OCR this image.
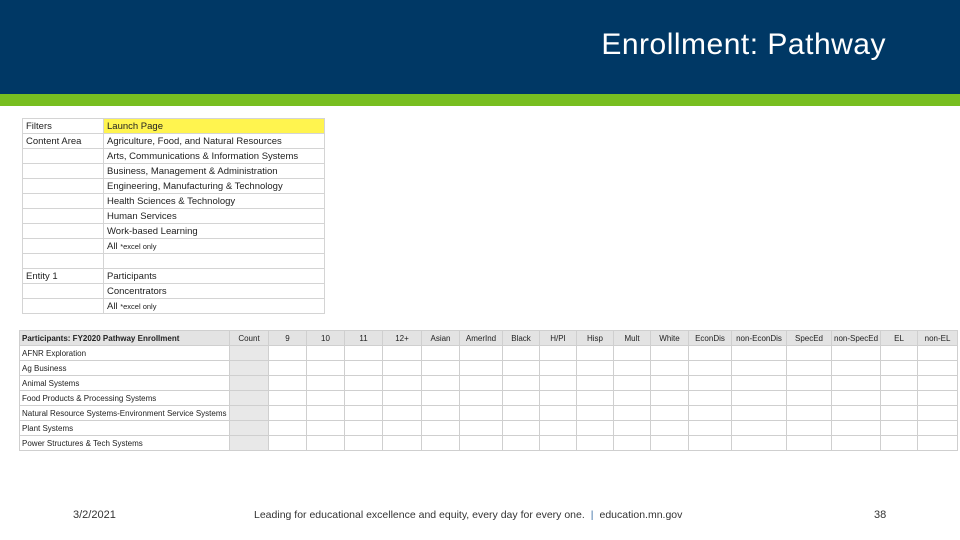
Enrollment: Pathway
Filters	Launch Page
Content Area	Agriculture, Food, and Natural Resources
	Arts, Communications & Information Systems
	Business, Management & Administration
	Engineering, Manufacturing & Technology
	Health Sciences & Technology
	Human Services
	Work-based Learning
	All *excel only

Entity 1	Participants
	Concentrators
	All *excel only
Participants: FY2020 Pathway Enrollment	Count	9	10	11	12+	Asian	AmerInd	Black	H/PI	Hisp	Mult	White	EconDis	non-EconDis	SpecEd	non-SpecEd	EL	non-EL
AFNR Exploration																		
Ag Business																		
Animal Systems																		
Food Products & Processing Systems																		
Natural Resource Systems-Environment Service Systems																		
Plant Systems																		
Power Structures & Tech Systems																		
3/2/2021	Leading for educational excellence and equity, every day for every one. | education.mn.gov	38
